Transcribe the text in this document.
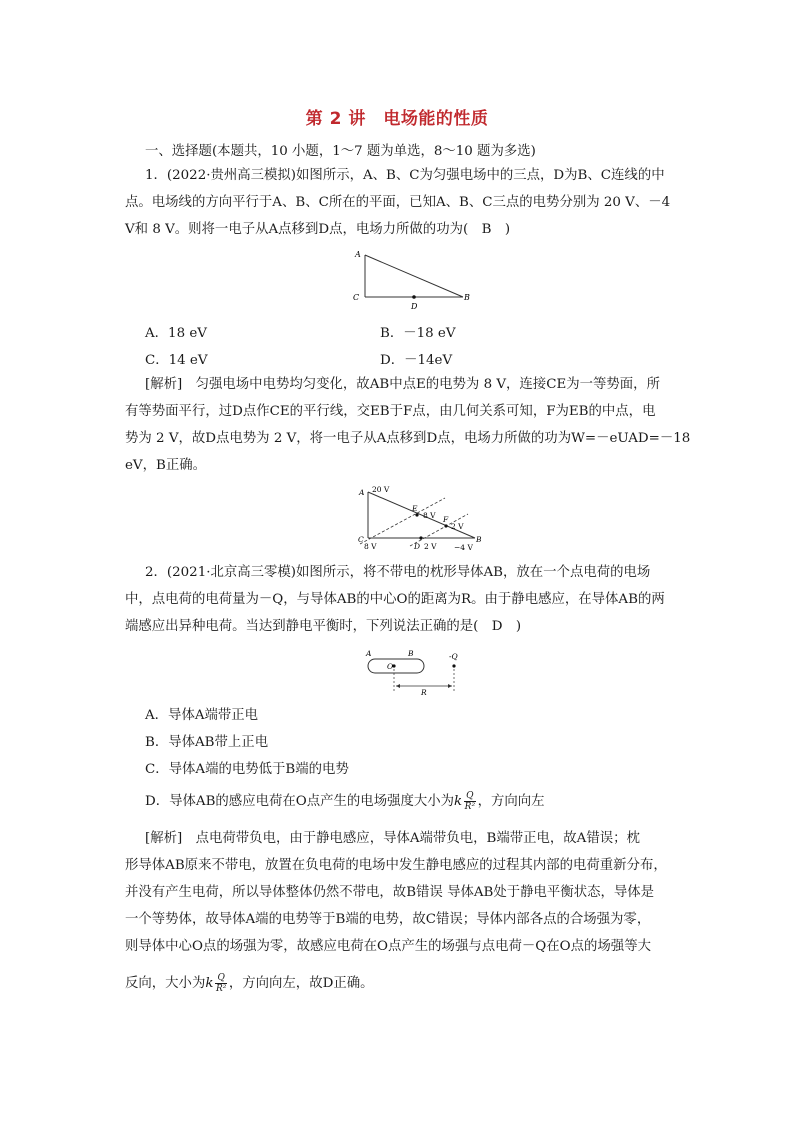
第 2 讲　电场能的性质
一、选择题(本题共，10 小题，1～7 题为单选，8～10 题为多选)
1．(2022·贵州高三模拟)如图所示，A、B、C为匀强电场中的三点，D为B、C连线的中
点。电场线的方向平行于A、B、C所在的平面，已知A、B、C三点的电势分别为 20 V、－4
V和 8 V。则将一电子从A点移到D点，电场力所做的功为(　B　)
A
C	B
D
A．18 eV	B．－18 eV
C．14 eV	D．－14eV
[解析]　匀强电场中电势均匀变化，故AB中点E的电势为 8 V，连接CE为一等势面，所
有等势面平行，过D点作CE的平行线，交EB于F点，由几何关系可知，F为EB的中点，电
势为 2 V，故D点电势为 2 V，将一电子从A点移到D点，电场力所做的功为W=－eUAD=－18
eV，B正确。
A 20 V
E
8 V F
2 V
C
8 V	D 2 V
B
−4 V
2．(2021·北京高三零模)如图所示，将不带电的枕形导体AB，放在一个点电荷的电场
中，点电荷的电荷量为－Q，与导体AB的中心O的距离为R。由于静电感应，在导体AB的两
端感应出异种电荷。当达到静电平衡时，下列说法正确的是(　D　)
A	B
O
-Q
R
A．导体A端带正电
B．导体AB带上正电
C．导体A端的电势低于B端的电势
D．导体AB的感应电荷在O点产生的电场强度大小为k $\frac{Q}{\text{R²}}$ ，方向向左
[解析]　点电荷带负电，由于静电感应，导体A端带负电，B端带正电，故A错误；枕
形导体AB原来不带电，放置在负电荷的电场中发生静电感应的过程其内部的电荷重新分布，
并没有产生电荷，所以导体整体仍然不带电，故B错误 导体AB处于静电平衡状态，导体是
一个等势体，故导体A端的电势等于B端的电势，故C错误；导体内部各点的合场强为零，
则导体中心O点的场强为零，故感应电荷在O点产生的场强与点电荷－Q在O点的场强等大
反向，大小为k $\frac{Q}{\text{R²}}$ ，方向向左，故D正确。
